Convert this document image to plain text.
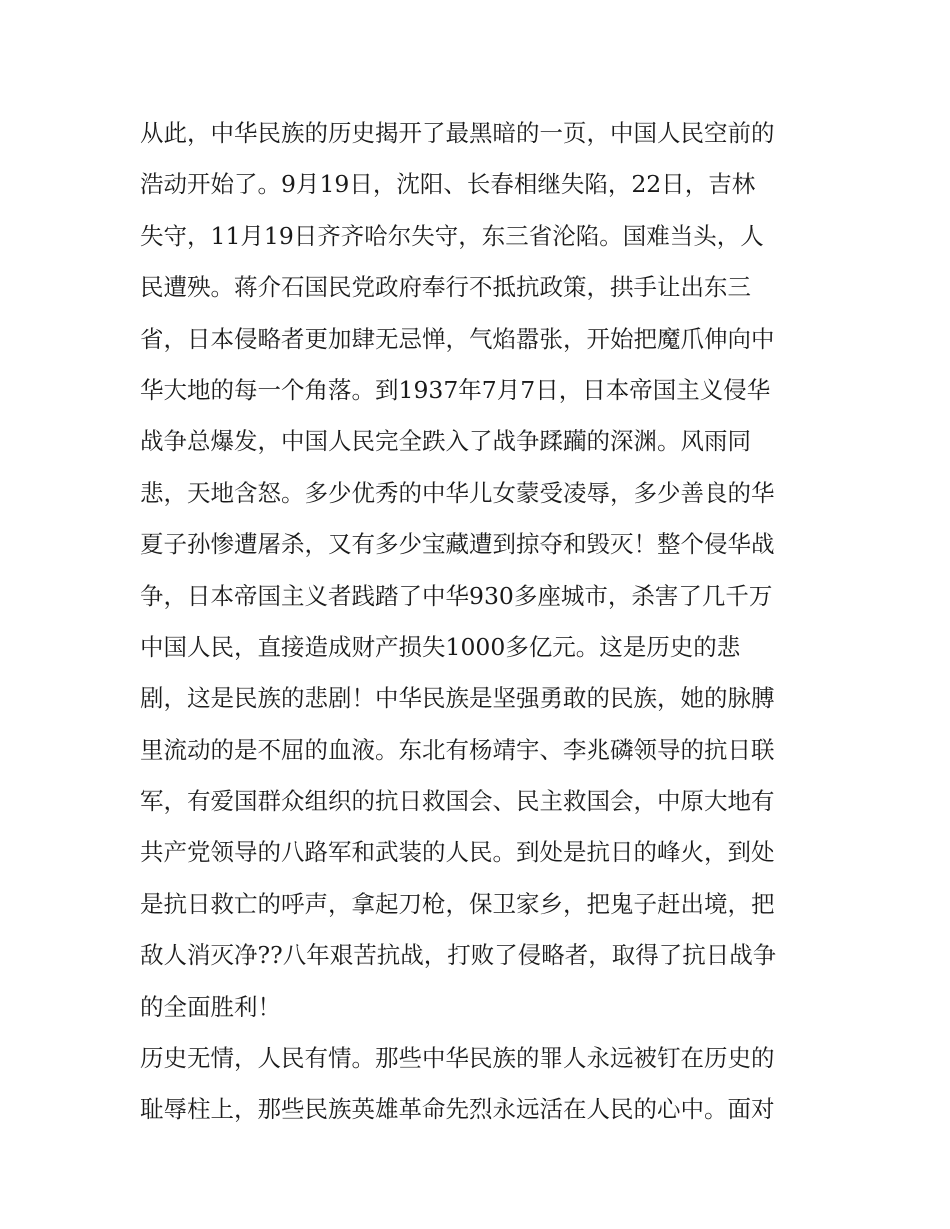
从此，中华民族的历史揭开了最黑暗的一页，中国人民空前的
浩动开始了。9月19日，沈阳、长春相继失陷，22日，吉林
失守，11月19日齐齐哈尔失守，东三省沦陷。国难当头，人
民遭殃。蒋介石国民党政府奉行不抵抗政策，拱手让出东三
省，日本侵略者更加肆无忌惮，气焰嚣张，开始把魔爪伸向中
华大地的每一个角落。到1937年7月7日，日本帝国主义侵华
战争总爆发，中国人民完全跌入了战争蹂躏的深渊。风雨同
悲，天地含怒。多少优秀的中华儿女蒙受凌辱，多少善良的华
夏子孙惨遭屠杀，又有多少宝藏遭到掠夺和毁灭！整个侵华战
争，日本帝国主义者践踏了中华930多座城市，杀害了几千万
中国人民，直接造成财产损失1000多亿元。这是历史的悲
剧，这是民族的悲剧！中华民族是坚强勇敢的民族，她的脉膊
里流动的是不屈的血液。东北有杨靖宇、李兆磷领导的抗日联
军，有爱国群众组织的抗日救国会、民主救国会，中原大地有
共产党领导的八路军和武装的人民。到处是抗日的峰火，到处
是抗日救亡的呼声，拿起刀枪，保卫家乡，把鬼子赶出境，把
敌人消灭净??八年艰苦抗战，打败了侵略者，取得了抗日战争
的全面胜利！
历史无情，人民有情。那些中华民族的罪人永远被钉在历史的
耻辱柱上，那些民族英雄革命先烈永远活在人民的心中。面对
